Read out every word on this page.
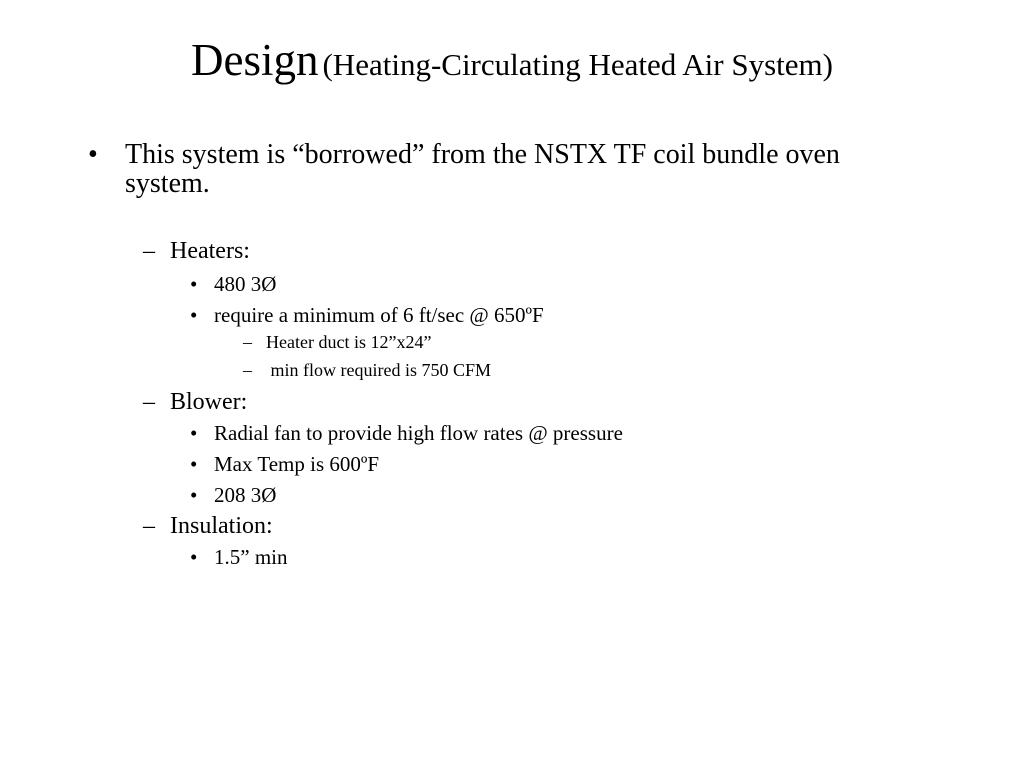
Design (Heating-Circulating Heated Air System)
• This system is “borrowed” from the NSTX TF coil bundle oven
system.
– Heaters:
• 480 3Ø
• require a minimum of 6 ft/sec @ 650ºF
– Heater duct is 12”x24”
– min flow required is 750 CFM
– Blower:
• Radial fan to provide high flow rates @ pressure
• Max Temp is 600ºF
• 208 3Ø
– Insulation:
• 1.5” min
